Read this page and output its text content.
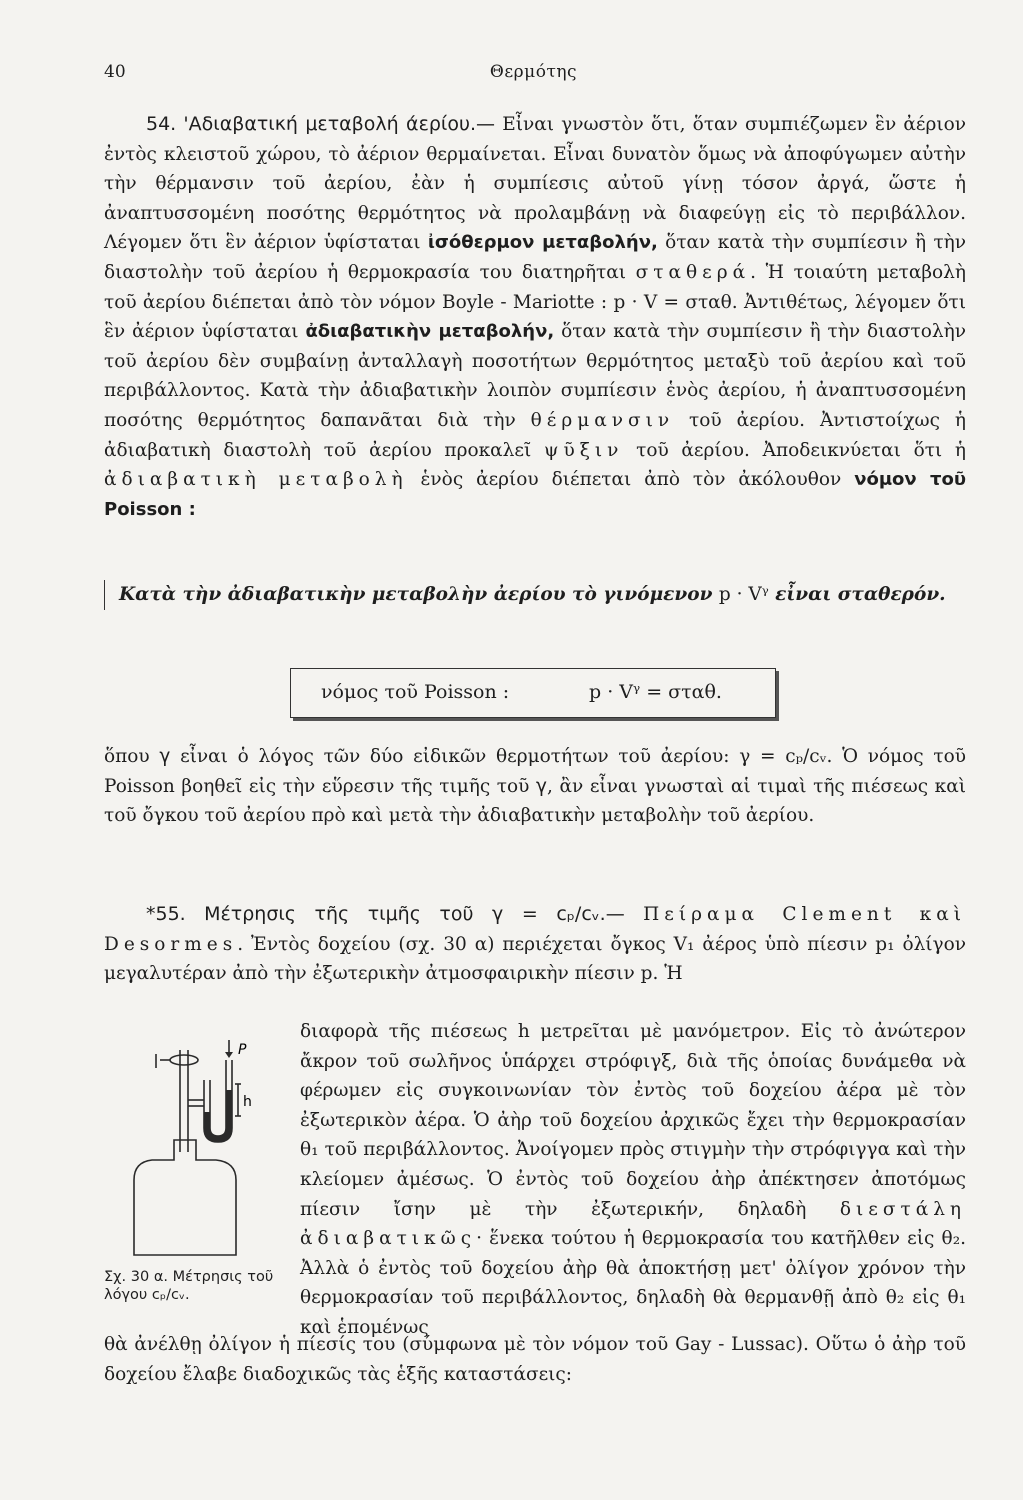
40	Θερμότης
54. 'Αδιαβατική μεταβολή άερίου.— Εἶναι γνωστὸν ὅτι, ὅταν συμπιέζωμεν ἓν ἀέριον ἐντὸς κλειστοῦ χώρου, τὸ ἀέριον θερμαίνεται. Εἶναι δυνατὸν ὅμως νὰ ἀποφύγωμεν αὐτὴν τὴν θέρμανσιν τοῦ ἀερίου, ἐὰν ἡ συμπίεσις αὐτοῦ γίνῃ τόσον ἀργά, ὥστε ἡ ἀναπτυσσομένη ποσότης θερμότητος νὰ προλαμβάνῃ νὰ διαφεύγῃ εἰς τὸ περιβάλλον. Λέγομεν ὅτι ἓν ἀέριον ὑφίσταται ἰσόθερμον μεταβολήν, ὅταν κατὰ τὴν συμπίεσιν ἢ τὴν διαστολὴν τοῦ ἀερίου ἡ θερμοκρασία του διατηρῆται σταθερά. Ἡ τοιαύτη μεταβολὴ τοῦ ἀερίου διέπεται ἀπὸ τὸν νόμον Boyle - Mariotte : p · V = σταθ. Ἀντιθέτως, λέγομεν ὅτι ἓν ἀέριον ὑφίσταται ἀδιαβατικὴν μεταβολήν, ὅταν κατὰ τὴν συμπίεσιν ἢ τὴν διαστολὴν τοῦ ἀερίου δὲν συμβαίνῃ ἀνταλλαγὴ ποσοτήτων θερμότητος μεταξὺ τοῦ ἀερίου καὶ τοῦ περιβάλλοντος. Κατὰ τὴν ἀδιαβατικὴν λοιπὸν συμπίεσιν ἑνὸς ἀερίου, ἡ ἀναπτυσσομένη ποσότης θερμότητος δαπανᾶται διὰ τὴν θέρμανσιν τοῦ ἀερίου. Ἀντιστοίχως ἡ ἀδιαβατικὴ διαστολὴ τοῦ ἀερίου προκαλεῖ ψῦξιν τοῦ ἀερίου. Ἀποδεικνύεται ὅτι ἡ ἀδιαβατικὴ μεταβολὴ ἑνὸς ἀερίου διέπεται ἀπὸ τὸν ἀκόλουθον νόμον τοῦ Poisson :
Κατὰ τὴν ἀδιαβατικὴν μεταβολὴν ἀερίου τὸ γινόμενον p · Vᵞ εἶναι σταθερόν.
νόμος τοῦ Poisson :	p · Vᵞ = σταθ.
ὅπου γ εἶναι ὁ λόγος τῶν δύο εἰδικῶν θερμοτήτων τοῦ ἀερίου: γ = cₚ/cᵥ. Ὁ νόμος τοῦ Poisson βοηθεῖ εἰς τὴν εὕρεσιν τῆς τιμῆς τοῦ γ, ἂν εἶναι γνωσταὶ αἱ τιμαὶ τῆς πιέσεως καὶ τοῦ ὄγκου τοῦ ἀερίου πρὸ καὶ μετὰ τὴν ἀδιαβατικὴν μεταβολὴν τοῦ ἀερίου.
*55. Μέτρησις τῆς τιμῆς τοῦ γ = cₚ/cᵥ.— Πείραμα Clement καὶ Desormes. Ἐντὸς δοχείου (σχ. 30 α) περιέχεται ὄγκος V₁ ἀέρος ὑπὸ πίεσιν p₁ ὀλίγον μεγαλυτέραν ἀπὸ τὴν ἐξωτερικὴν ἀτμοσφαιρικὴν πίεσιν p. Ἡ
P
h
Σχ. 30 α. Μέτρησις τοῦ λόγου cₚ/cᵥ.
διαφορὰ τῆς πιέσεως h μετρεῖται μὲ μανόμετρον. Εἰς τὸ ἀνώτερον ἄκρον τοῦ σωλῆνος ὑπάρχει στρόφιγξ, διὰ τῆς ὁποίας δυνάμεθα νὰ φέρωμεν εἰς συγκοινωνίαν τὸν ἐντὸς τοῦ δοχείου ἀέρα μὲ τὸν ἐξωτερικὸν ἀέρα. Ὁ ἀὴρ τοῦ δοχείου ἀρχικῶς ἔχει τὴν θερμοκρασίαν θ₁ τοῦ περιβάλλοντος. Ἀνοίγομεν πρὸς στιγμὴν τὴν στρόφιγγα καὶ τὴν κλείομεν ἀμέσως. Ὁ ἐντὸς τοῦ δοχείου ἀὴρ ἀπέκτησεν ἀποτόμως πίεσιν ἴσην μὲ τὴν ἐξωτερικήν, δηλαδὴ διεστάλη ἀδιαβατικῶς· ἕνεκα τούτου ἡ θερμοκρασία του κατῆλθεν εἰς θ₂. Ἀλλὰ ὁ ἐντὸς τοῦ δοχείου ἀὴρ θὰ ἀποκτήσῃ μετ' ὀλίγον χρόνον τὴν θερμοκρασίαν τοῦ περιβάλλοντος, δηλαδὴ θὰ θερμανθῇ ἀπὸ θ₂ εἰς θ₁ καὶ ἑπομένως
θὰ ἀνέλθῃ ὀλίγον ἡ πίεσίς του (σύμφωνα μὲ τὸν νόμον τοῦ Gay - Lussac). Οὕτω ὁ ἀὴρ τοῦ δοχείου ἔλαβε διαδοχικῶς τὰς ἑξῆς καταστάσεις:
